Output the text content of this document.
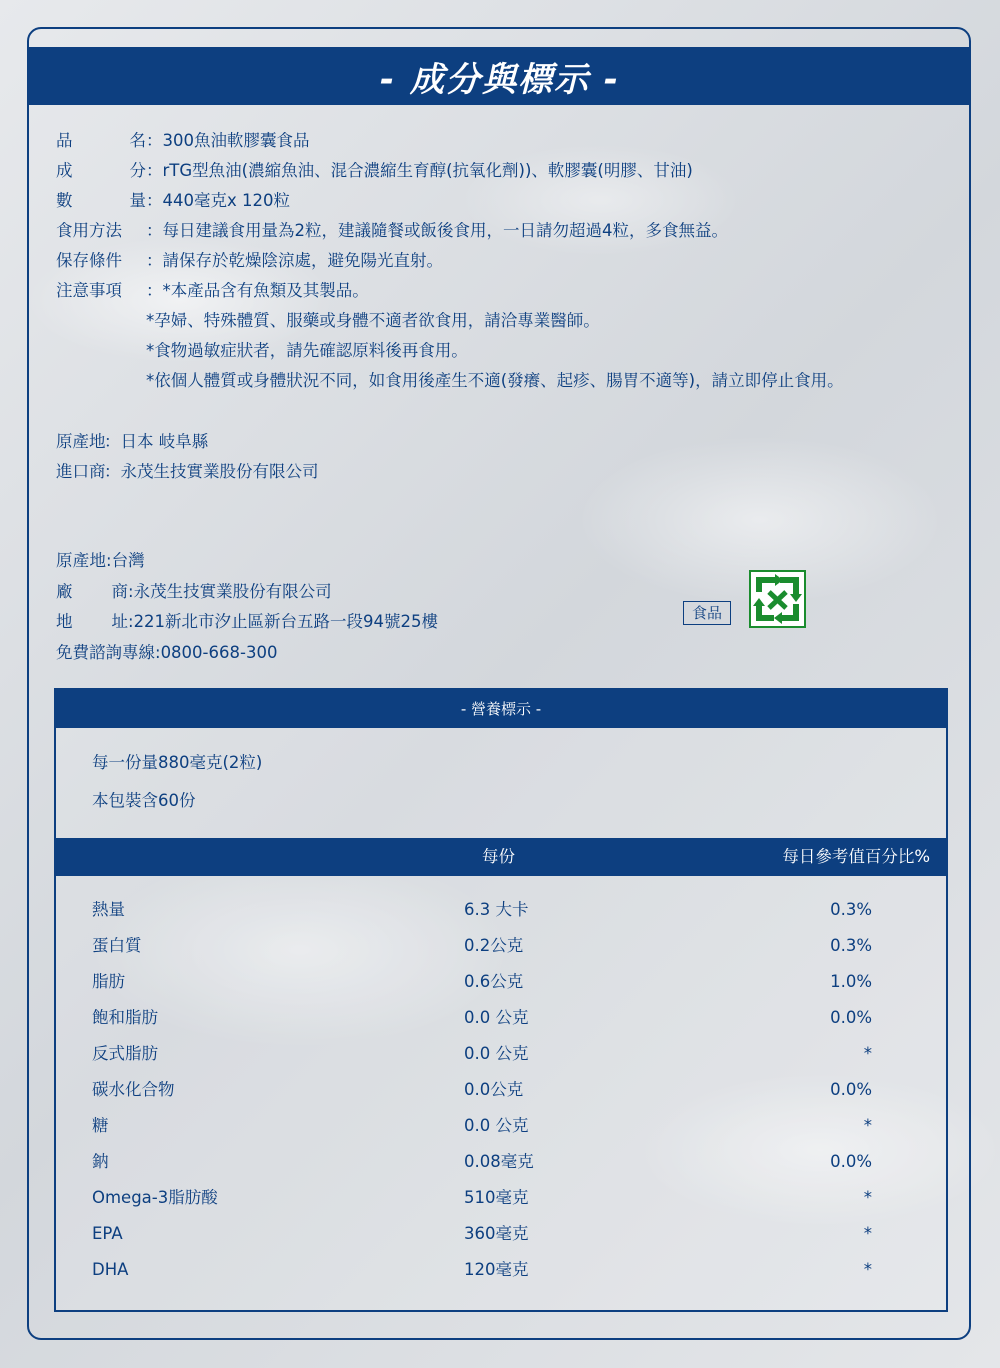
- 成分與標示 -
品	名 ： 300魚油軟膠囊食品
成	分 ： rTG型魚油(濃縮魚油、混合濃縮生育醇(抗氧化劑))、軟膠囊(明膠、甘油)
數	量 ： 440毫克x 120粒
食用方法 ： 每日建議食用量為2粒，建議隨餐或飯後食用，一日請勿超過4粒，多食無益。
保存條件 ： 請保存於乾燥陰涼處，避免陽光直射。
注意事項 ： *本產品含有魚類及其製品。
*孕婦、特殊體質、服藥或身體不適者欲食用，請洽專業醫師。
*食物過敏症狀者，請先確認原料後再食用。
*依個人體質或身體狀況不同，如食用後產生不適(發癢、起疹、腸胃不適等)，請立即停止食用。
原 產 地
： 日本 岐阜縣
進 口 商
： 永茂生技實業股份有限公司
原 產 地 : 台灣
廠 商 : 永茂生技實業股份有限公司
地 址 : 221新北市汐止區新台五路一段94號25樓
免費諮詢專線 : 0800-668-300
食品
- 營養標示 -
每一份量880毫克(2粒)
本包裝含60份
每份	每日參考值百分比%
熱量	6.3 大卡	0.3%
蛋白質	0.2公克	0.3%
脂肪	0.6公克	1.0%
飽和脂肪	0.0 公克	0.0%
反式脂肪	0.0 公克	*
碳水化合物	0.0公克	0.0%
糖	0.0 公克	*
鈉	0.08毫克	0.0%
Omega-3脂肪酸	510毫克	*
EPA	360毫克	*
DHA	120毫克	*
